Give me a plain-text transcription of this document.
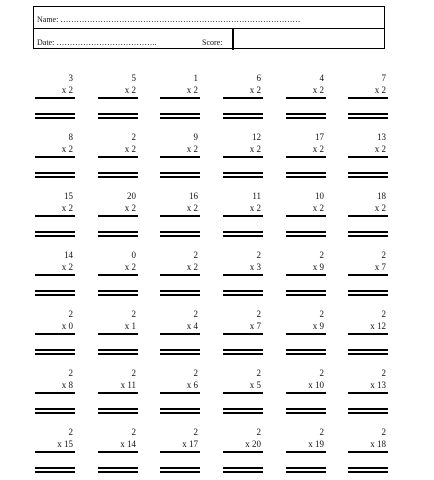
Name: ………………………………………………………………………………
Date: ………………………………..	Score:
3
x 2
5
x 2
1
x 2
6
x 2
4
x 2
7
x 2
8
x 2
2
x 2
9
x 2
12
x 2
17
x 2
13
x 2
15
x 2
20
x 2
16
x 2
11
x 2
10
x 2
18
x 2
14
x 2
0
x 2
2
x 2
2
x 3
2
x 9
2
x 7
2
x 0
2
x 1
2
x 4
2
x 7
2
x 9
2
x 12
2
x 8
2
x 11
2
x 6
2
x 5
2
x 10
2
x 13
2
x 15
2
x 14
2
x 17
2
x 20
2
x 19
2
x 18
